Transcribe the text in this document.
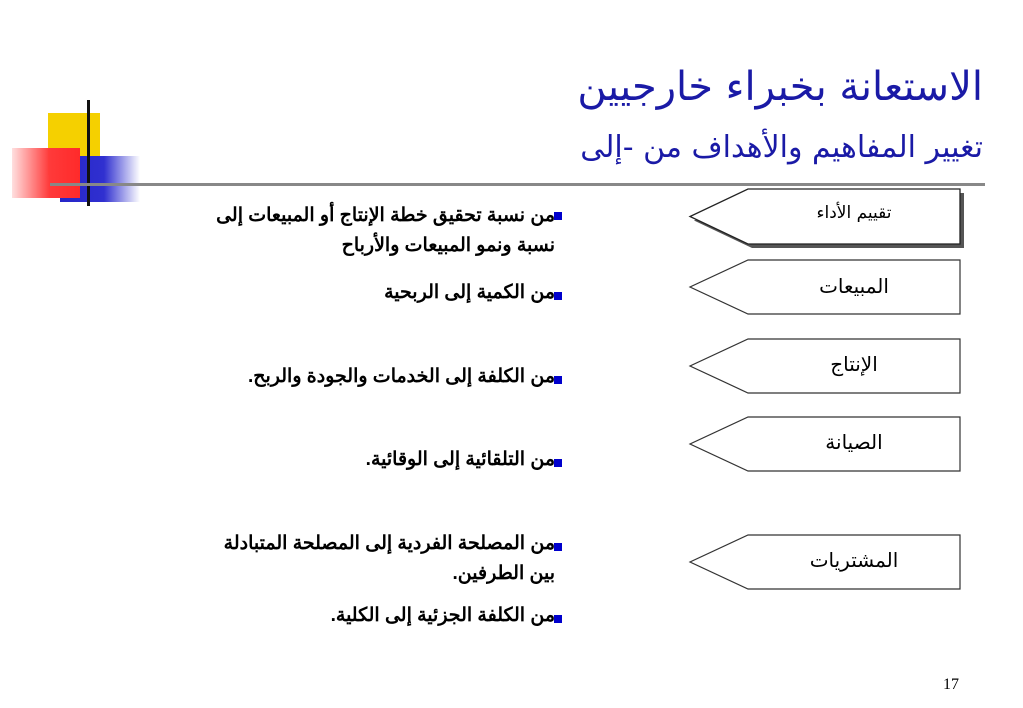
الاستعانة بخبراء خارجيين
تغيير المفاهيم والأهداف من -إلى
من نسبة تحقيق خطة الإنتاج أو المبيعات إلى
نسبة ونمو المبيعات والأرباح
من الكمية إلى الربحية
من الكلفة إلى الخدمات والجودة والربح.
من التلقائية إلى الوقائية.
من المصلحة الفردية إلى المصلحة المتبادلة
بين الطرفين.
من الكلفة الجزئية إلى الكلية.
تقييم الأداء
المبيعات
الإنتاج
الصيانة
المشتريات
17
